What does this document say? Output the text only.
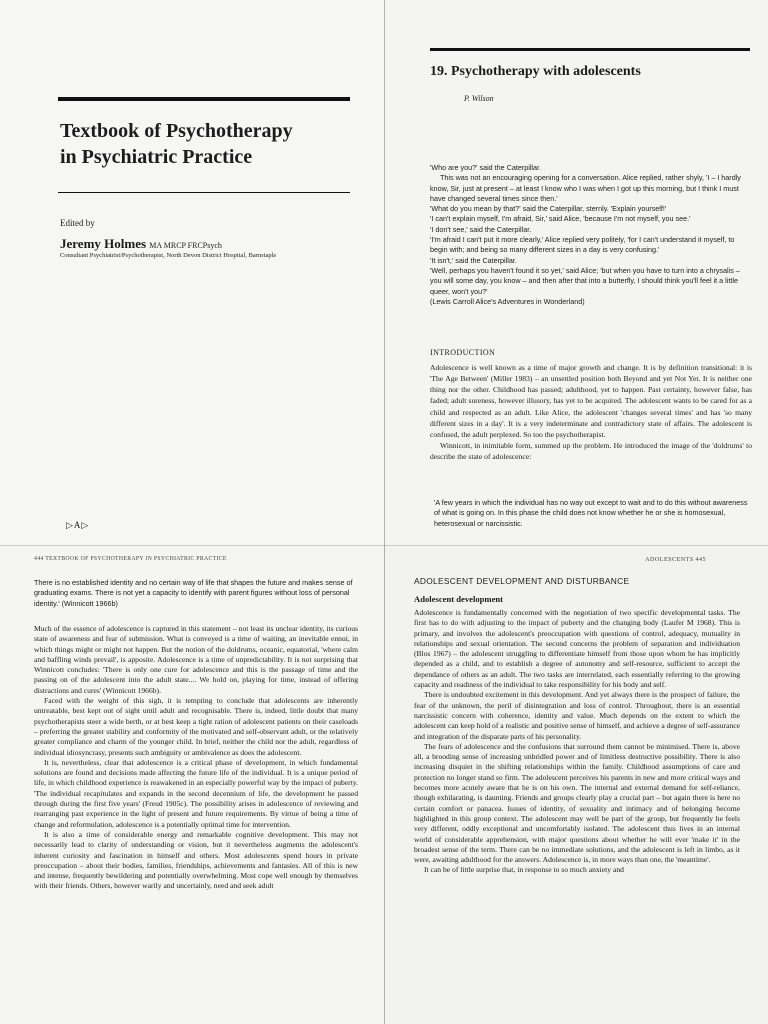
Textbook of Psychotherapy
in Psychiatric Practice
Edited by
Jeremy Holmes MA MRCP FRCPsych
Consultant Psychiatrist/Psychotherapist, North Devon District Hospital, Barnstaple
▷A▷
19. Psychotherapy with adolescents
P. Wilson

'Who are you?' said the Caterpillar.

This was not an encouraging opening for a conversation. Alice replied, rather shyly, 'I – I hardly know, Sir, just at present – at least I know who I was when I got up this morning, but I think I must have changed several times since then.'

'What do you mean by that?' said the Caterpillar, sternly. 'Explain yourself!'

'I can't explain myself, I'm afraid, Sir,' said Alice, 'because I'm not myself, you see.'

'I don't see,' said the Caterpillar.

'I'm afraid I can't put it more clearly,' Alice replied very politely, 'for I can't understand it myself, to begin with; and being so many different sizes in a day is very confusing.'

'It isn't,' said the Caterpillar.

'Well, perhaps you haven't found it so yet,' said Alice; 'but when you have to turn into a chrysalis – you will some day, you know – and then after that into a butterfly, I should think you'll feel it a little queer, won't you?'

(Lewis Carroll Alice's Adventures in Wonderland)

INTRODUCTION

Adolescence is well known as a time of major growth and change. It is by definition transitional: it is 'The Age Between' (Miller 1983) – an unsettled position both Beyond and yet Not Yet. It is neither one thing nor the other. Childhood has passed; adulthood, yet to happen. Past certainty, however false, has faded; adult sureness, however illusory, has yet to be acquired. The adolescent wants to be cared for as a child and respected as an adult. Like Alice, the adolescent 'changes several times' and has 'so many different sizes in a day'. It is a very indeterminate and contradictory state of affairs. The adolescent is confused, the adult perplexed. So too the psychotherapist.

Winnicott, in inimitable form, summed up the problem. He introduced the image of the 'doldrums' to describe the state of adolescence:

'A few years in which the individual has no way out except to wait and to do this without awareness of what is going on. In this phase the child does not know whether he or she is homosexual, heterosexual or narcissistic.
444 TEXTBOOK OF PSYCHOTHERAPY IN PSYCHIATRIC PRACTICE
There is no established identity and no certain way of life that shapes the future and makes sense of graduating exams. There is not yet a capacity to identify with parent figures without loss of personal identity.' (Winnicott 1966b)

Much of the essence of adolescence is captured in this statement – not least its unclear identity, its curious state of awareness and fear of submission. What is conveyed is a time of waiting, an inevitable ennui, in which things might or might not happen. But the notion of the doldrums, oceanic, equatorial, 'where calm and baffling winds prevail', is apposite. Adolescence is a time of unpredictability. It is not surprising that Winnicott concludes: 'There is only one cure for adolescence and this is the passage of time and the passing on of the adolescent into the adult state.... We hold on, playing for time, instead of offering distractions and cures' (Winnicott 1966b).

Faced with the weight of this sigh, it is tempting to conclude that adolescents are inherently untreatable, best kept out of sight until adult and recognisable. There is, indeed, little doubt that many psychotherapists steer a wide berth, or at best keep a tight ration of adolescent patients on their caseloads – preferring the greater stability and conformity of the motivated and self-observant adult, or the relatively greater compliance and charm of the younger child. In brief, neither the child nor the adult, regardless of individual idiosyncrasy, presents such ambiguity or ambivalence as does the adolescent.

It is, nevertheless, clear that adolescence is a critical phase of development, in which fundamental solutions are found and decisions made affecting the future life of the individual. It is a unique period of life, in which childhood experience is reawakened in an especially powerful way by the impact of puberty. 'The individual recapitulates and expands in the second decennium of life, the development he passed through during the first five years' (Freud 1905c). The possibility arises in adolescence of reviewing and rearranging past experience in the light of present and future requirements. By virtue of being a time of change and reformulation, adolescence is a potentially optimal time for intervention.

It is also a time of considerable energy and remarkable cognitive development. This may not necessarily lead to clarity of understanding or vision, but it nevertheless augments the adolescent's inherent curiosity and fascination in himself and others. Most adolescents spend hours in private preoccupation – about their bodies, families, friendships, achievements and fantasies. All of this is new and intense, frequently bewildering and potentially overwhelming. Most cope well enough by themselves with their friends. Others, however warily and uncertainly, need and seek adult

ADOLESCENTS 445
ADOLESCENT DEVELOPMENT AND DISTURBANCE
Adolescent development

Adolescence is fundamentally concerned with the negotiation of two specific developmental tasks. The first has to do with adjusting to the impact of puberty and the changing body (Laufer M 1968). This is primary, and involves the adolescent's preoccupation with questions of control, adequacy, mutuality in relationships and sexual orientation. The second concerns the problem of separation and individuation (Blos 1967) – the adolescent struggling to differentiate himself from those upon whom he has implicitly depended as a child, and to establish a degree of autonomy and self-resource, sufficient to accept the dependance of others as an adult. The two tasks are interrelated, each essentially referring to the growing capacity and readiness of the individual to take responsibility for his body and self.

There is undoubted excitement in this development. And yet always there is the prospect of failure, the fear of the unknown, the peril of disintegration and loss of control. Throughout, there is an essential narcissistic concern with coherence, identity and value. Much depends on the extent to which the adolescent can keep hold of a realistic and positive sense of himself, and achieve a degree of self-assurance and integration of the disparate parts of his personality.

The fears of adolescence and the confusions that surround them cannot be minimised. There is, above all, a brooding sense of increasing unbridled power and of limitless destructive possibility. There is also increasing disquiet in the shifting relationships within the family. Childhood assumptions of care and protection no longer stand so firm. The adolescent perceives his parents in new and more critical ways and becomes more acutely aware that he is on his own. The internal and external demand for self-reliance, though exhilarating, is daunting. Friends and groups clearly play a crucial part – but again there is here no certain comfort or panacea. Issues of identity, of sexuality and intimacy and of belonging become highlighted in this group context. The adolescent may well be part of the group, but frequently he feels very different, oddly exceptional and uncomfortably isolated. The adolescent thus lives in an internal world of considerable apprehension, with major questions about whether he will ever 'make it' in the broadest sense of the term. There can be no immediate solutions, and the adolescent is left in limbo, as it were, awaiting adulthood for the answers. Adolescence is, in more ways than one, the 'meantime'.

It can be of little surprise that, in response to so much anxiety and
